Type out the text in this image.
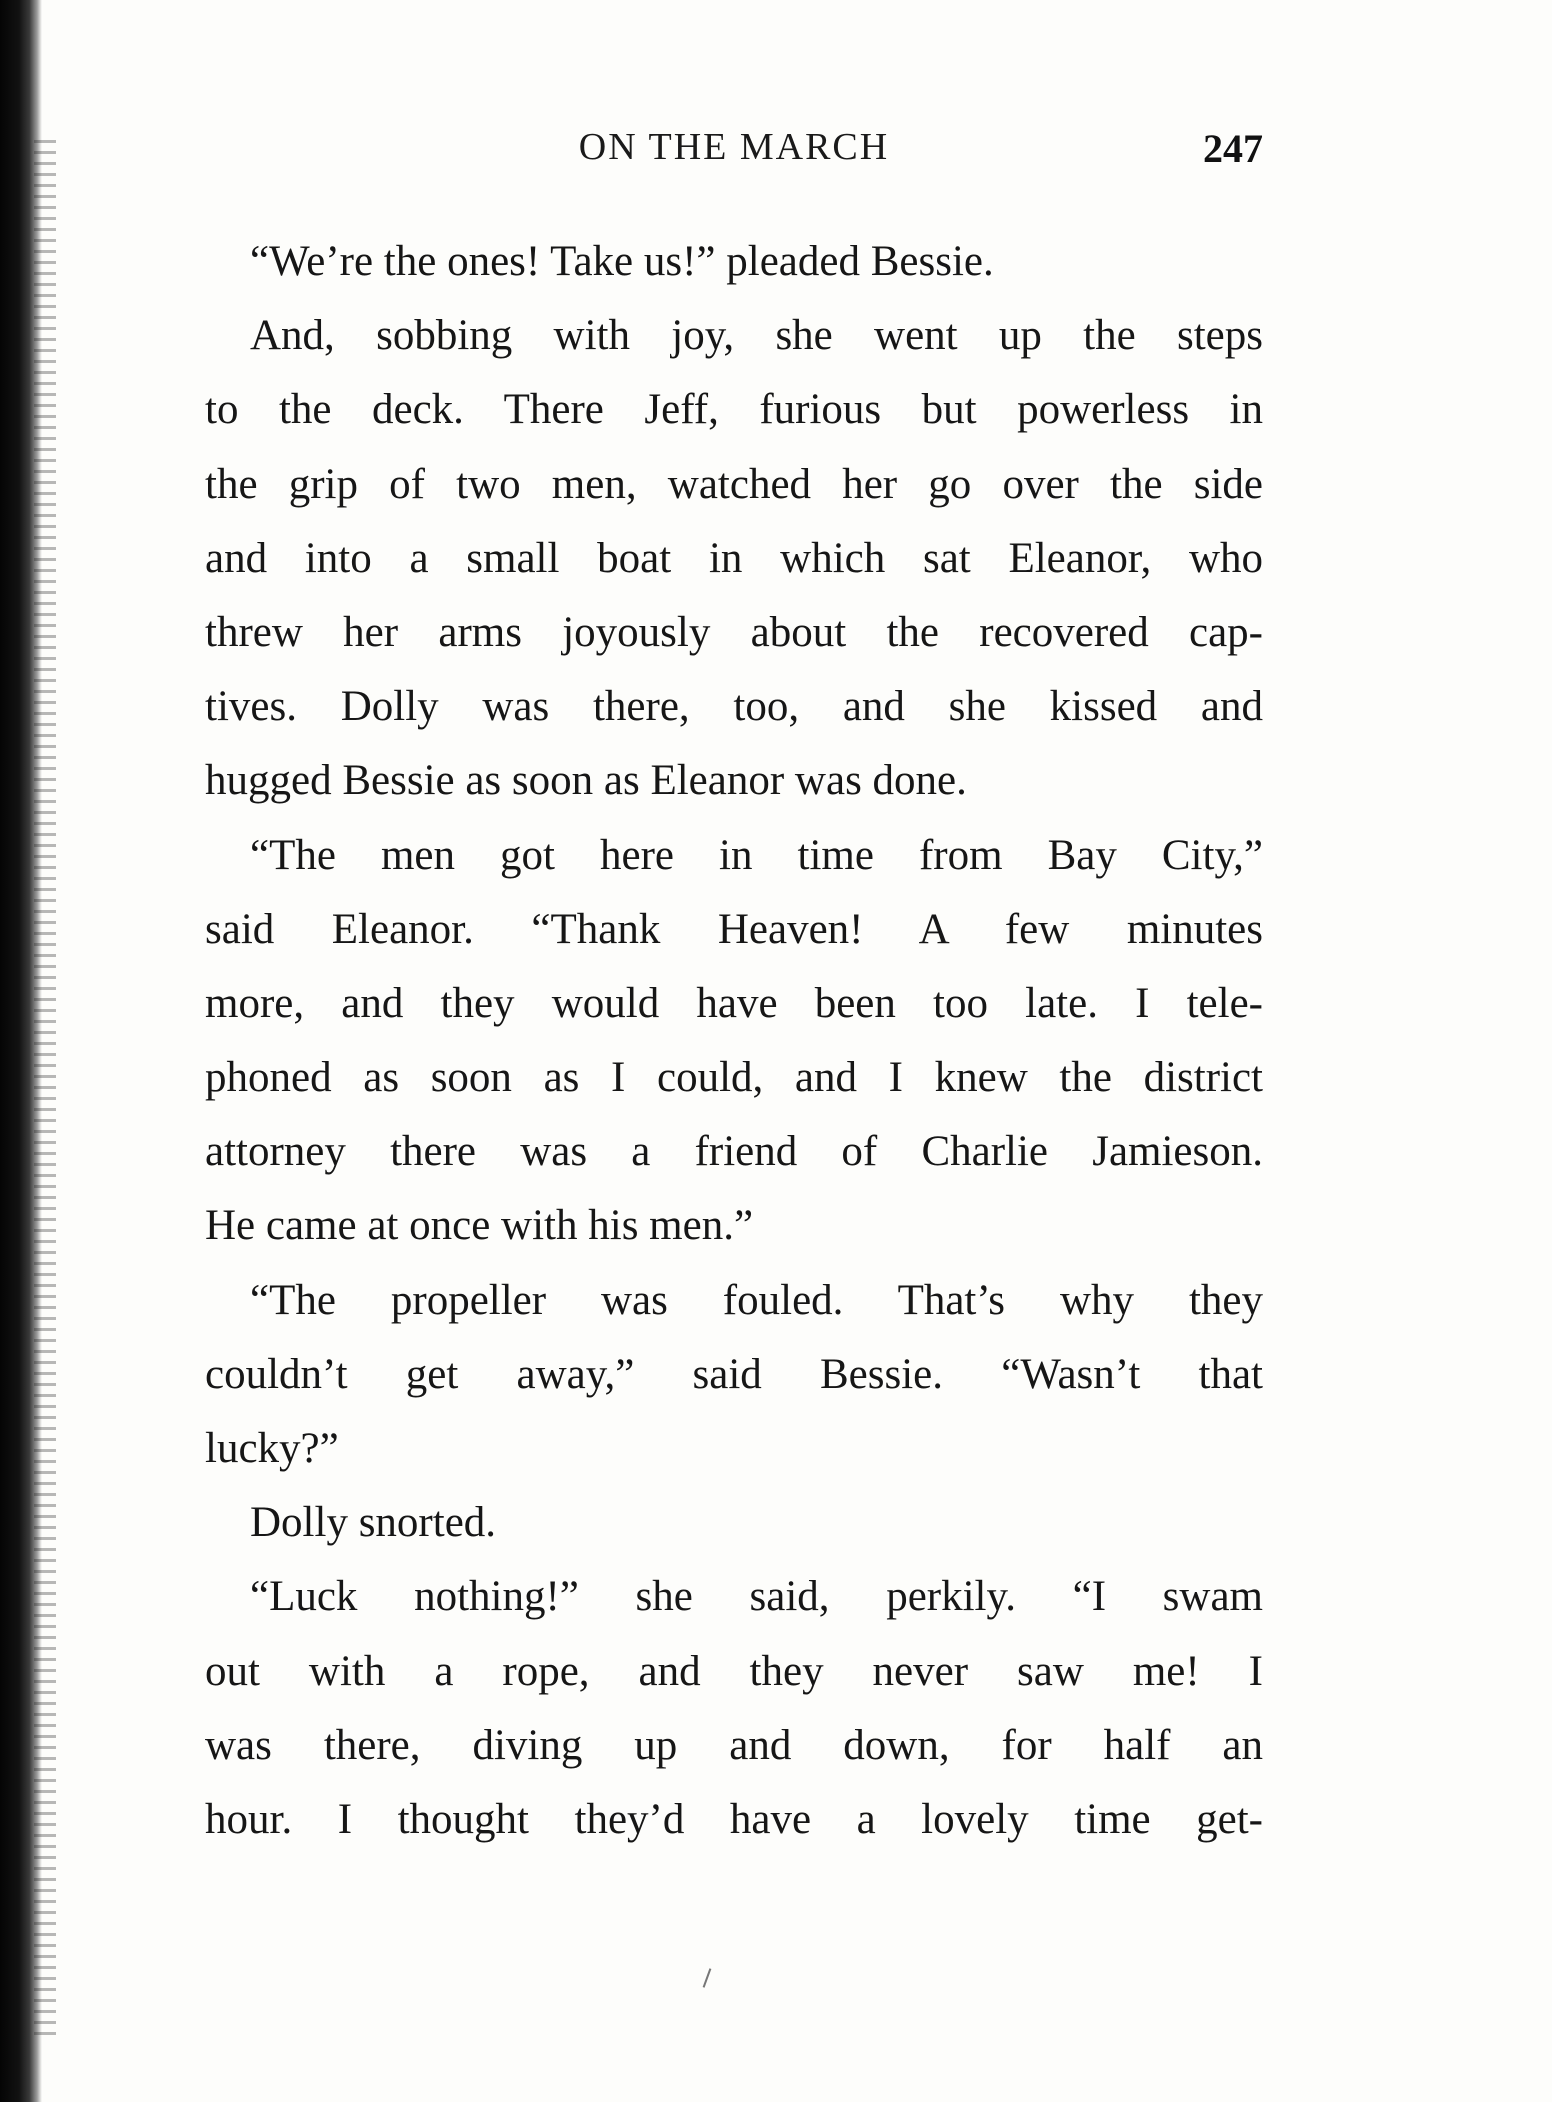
ON THE MARCH	247
“We’re the ones! Take us!” pleaded Bessie.
And, sobbing with joy, she went up the steps
to the deck. There Jeff, furious but powerless in
the grip of two men, watched her go over the side
and into a small boat in which sat Eleanor, who
threw her arms joyously about the recovered cap-
tives. Dolly was there, too, and she kissed and
hugged Bessie as soon as Eleanor was done.
“The men got here in time from Bay City,”
said Eleanor. “Thank Heaven! A few minutes
more, and they would have been too late. I tele-
phoned as soon as I could, and I knew the district
attorney there was a friend of Charlie Jamieson.
He came at once with his men.”
“The propeller was fouled. That’s why they
couldn’t get away,” said Bessie. “Wasn’t that
lucky?”
Dolly snorted.
“Luck nothing!” she said, perkily. “I swam
out with a rope, and they never saw me! I
was there, diving up and down, for half an
hour. I thought they’d have a lovely time get-
